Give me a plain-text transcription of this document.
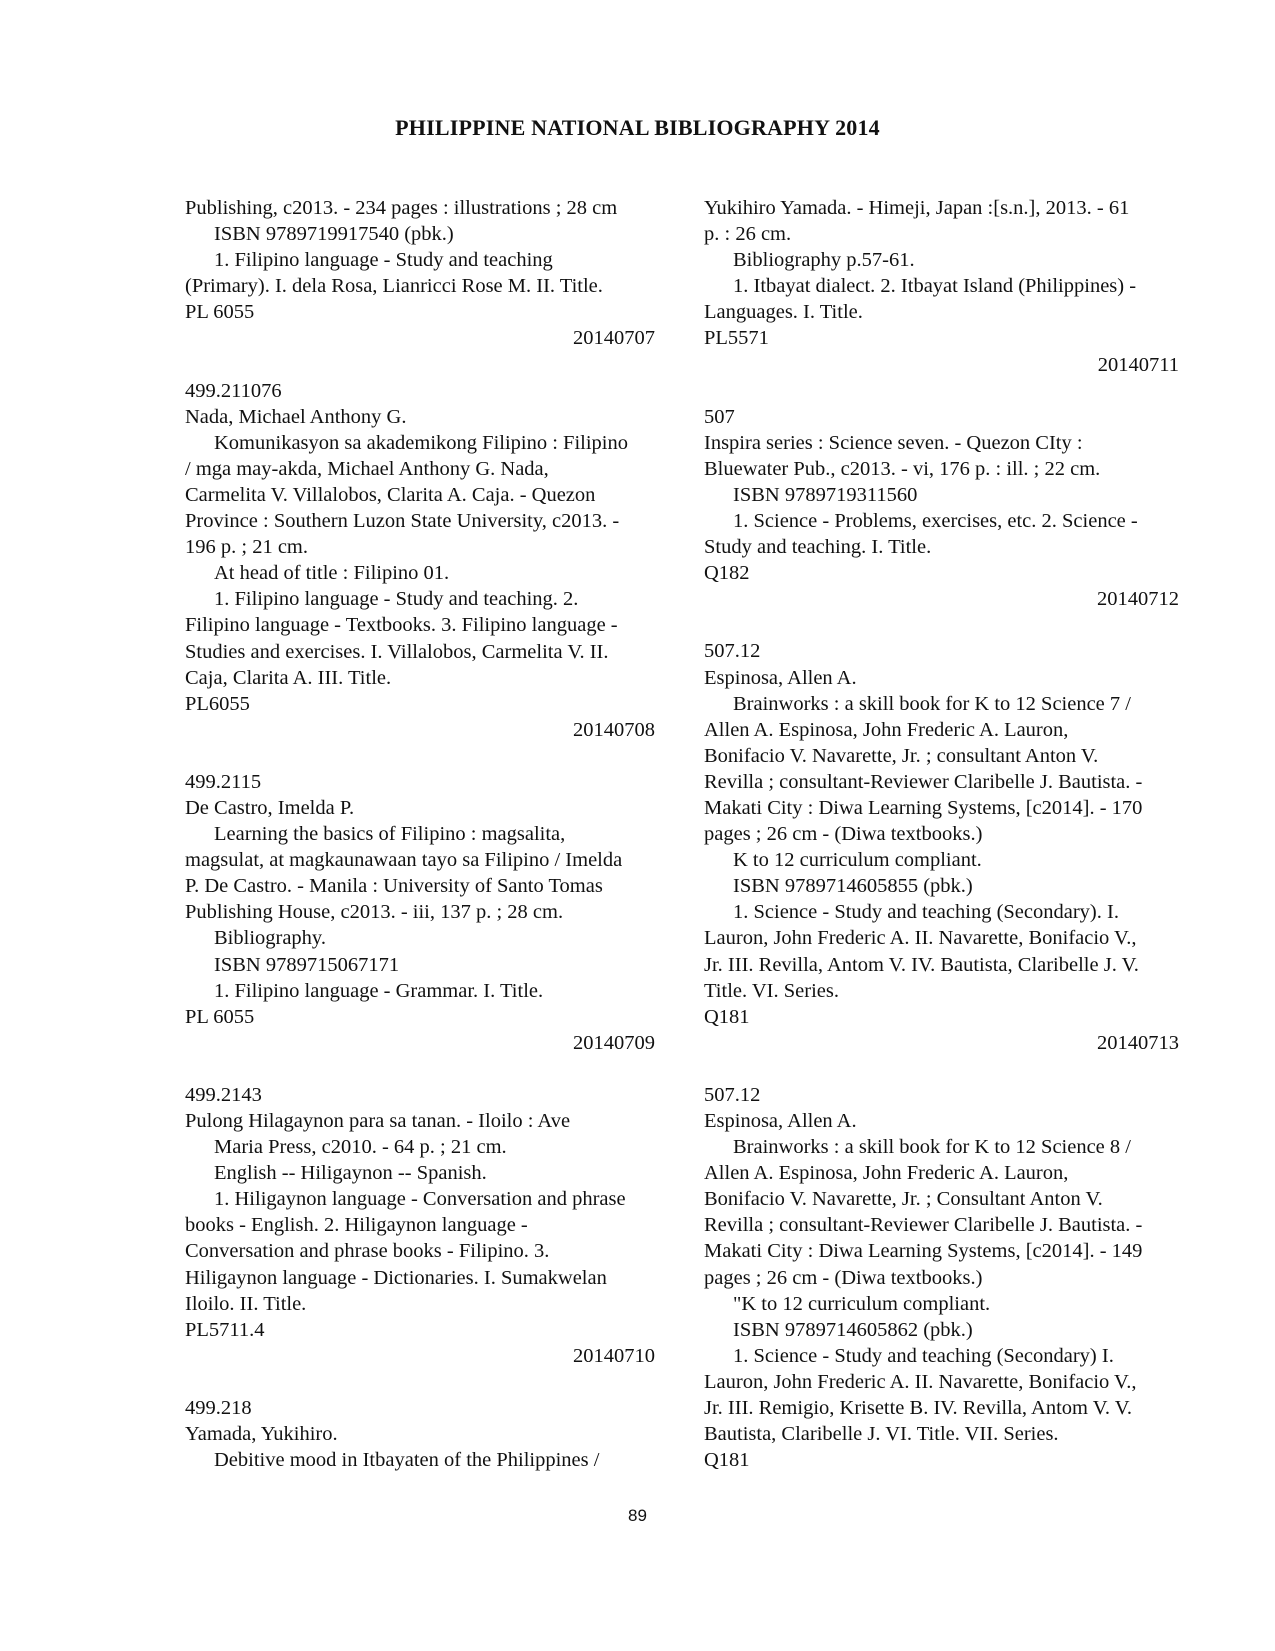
PHILIPPINE NATIONAL BIBLIOGRAPHY 2014
Publishing, c2013. - 234 pages : illustrations ; 28 cm
ISBN 9789719917540 (pbk.)
1. Filipino language - Study and teaching
(Primary). I. dela Rosa, Lianricci Rose M. II. Title.
PL 6055
20140707
499.211076
Nada, Michael Anthony G.
Komunikasyon sa akademikong Filipino : Filipino
/ mga may-akda, Michael Anthony G. Nada,
Carmelita V. Villalobos, Clarita A. Caja. - Quezon
Province : Southern Luzon State University, c2013. -
196 p. ; 21 cm.
At head of title : Filipino 01.
1. Filipino language - Study and teaching. 2.
Filipino language - Textbooks. 3. Filipino language -
Studies and exercises. I. Villalobos, Carmelita V. II.
Caja, Clarita A. III. Title.
PL6055
20140708
499.2115
De Castro, Imelda P.
Learning the basics of Filipino : magsalita,
magsulat, at magkaunawaan tayo sa Filipino / Imelda
P. De Castro. - Manila : University of Santo Tomas
Publishing House, c2013. - iii, 137 p. ; 28 cm.
Bibliography.
ISBN 9789715067171
1. Filipino language - Grammar. I. Title.
PL 6055
20140709
499.2143
Pulong Hilagaynon para sa tanan. - Iloilo : Ave
Maria Press, c2010. - 64 p. ; 21 cm.
English -- Hiligaynon -- Spanish.
1. Hiligaynon language - Conversation and phrase
books - English. 2. Hiligaynon language -
Conversation and phrase books - Filipino. 3.
Hiligaynon language - Dictionaries. I. Sumakwelan
Iloilo. II. Title.
PL5711.4
20140710
499.218
Yamada, Yukihiro.
Debitive mood in Itbayaten of the Philippines /
Yukihiro Yamada. - Himeji, Japan :[s.n.], 2013. - 61
p. : 26 cm.
Bibliography p.57-61.
1. Itbayat dialect. 2. Itbayat Island (Philippines) -
Languages. I. Title.
PL5571
20140711
507
Inspira series : Science seven. - Quezon CIty :
Bluewater Pub., c2013. - vi, 176 p. : ill. ; 22 cm.
ISBN 9789719311560
1. Science - Problems, exercises, etc. 2. Science -
Study and teaching. I. Title.
Q182
20140712
507.12
Espinosa, Allen A.
Brainworks : a skill book for K to 12 Science 7 /
Allen A. Espinosa, John Frederic A. Lauron,
Bonifacio V. Navarette, Jr. ; consultant Anton V.
Revilla ; consultant-Reviewer Claribelle J. Bautista. -
Makati City : Diwa Learning Systems, [c2014]. - 170
pages ; 26 cm - (Diwa textbooks.)
K to 12 curriculum compliant.
ISBN 9789714605855 (pbk.)
1. Science - Study and teaching (Secondary). I.
Lauron, John Frederic A. II. Navarette, Bonifacio V.,
Jr. III. Revilla, Antom V. IV. Bautista, Claribelle J. V.
Title. VI. Series.
Q181
20140713
507.12
Espinosa, Allen A.
Brainworks : a skill book for K to 12 Science 8 /
Allen A. Espinosa, John Frederic A. Lauron,
Bonifacio V. Navarette, Jr. ; Consultant Anton V.
Revilla ; consultant-Reviewer Claribelle J. Bautista. -
Makati City : Diwa Learning Systems, [c2014]. - 149
pages ; 26 cm - (Diwa textbooks.)
"K to 12 curriculum compliant.
ISBN 9789714605862 (pbk.)
1. Science - Study and teaching (Secondary) I.
Lauron, John Frederic A. II. Navarette, Bonifacio V.,
Jr. III. Remigio, Krisette B. IV. Revilla, Antom V. V.
Bautista, Claribelle J. VI. Title. VII. Series.
Q181
89
